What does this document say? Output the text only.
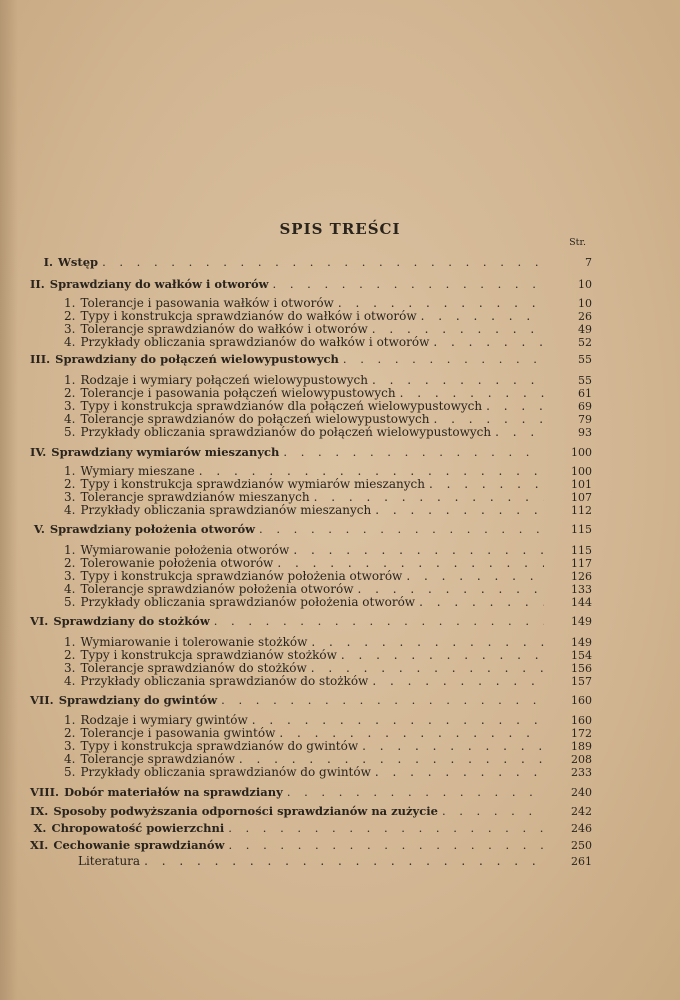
SPIS TREŚCI
Str.
I. Wstęp . . .	7
II. Sprawdziany do wałków i otworów . . .	10
1. Tolerancje i pasowania wałków i otworów . . .	10
2. Typy i konstrukcja sprawdzianów do wałków i otworów . . .	26
3. Tolerancje sprawdzianów do wałków i otworów . . .	49
4. Przykłady obliczania sprawdzianów do wałków i otworów . . .	52
III. Sprawdziany do połączeń wielowypustowych . . .	55
1. Rodzaje i wymiary połączeń wielowypustowych . . .	55
2. Tolerancje i pasowania połączeń wielowypustowych . . .	61
3. Typy i konstrukcja sprawdzianów dla połączeń wielowypustowych . . .	69
4. Tolerancje sprawdzianów do połączeń wielowypustowych . . .	79
5. Przykłady obliczania sprawdzianów do połączeń wielowypustowych . . .	93
IV. Sprawdziany wymiarów mieszanych . . .	100
1. Wymiary mieszane . . .	100
2. Typy i konstrukcja sprawdzianów wymiarów mieszanych . . .	101
3. Tolerancje sprawdzianów mieszanych . . .	107
4. Przykłady obliczania sprawdzianów mieszanych . . .	112
V. Sprawdziany położenia otworów . . .	115
1. Wymiarowanie położenia otworów . . .	115
2. Tolerowanie położenia otworów . . .	117
3. Typy i konstrukcja sprawdzianów położenia otworów . . .	126
4. Tolerancje sprawdzianów położenia otworów . . .	133
5. Przykłady obliczania sprawdzianów położenia otworów . . .	144
VI. Sprawdziany do stożków . . .	149
1. Wymiarowanie i tolerowanie stożków . . .	149
2. Typy i konstrukcja sprawdzianów stożków . . .	154
3. Tolerancje sprawdzianów do stożków . . .	156
4. Przykłady obliczania sprawdzianów do stożków . . .	157
VII. Sprawdziany do gwintów . . .	160
1. Rodzaje i wymiary gwintów . . .	160
2. Tolerancje i pasowania gwintów . . .	172
3. Typy i konstrukcja sprawdzianów do gwintów . . .	189
4. Tolerancje sprawdzianów . . .	208
5. Przykłady obliczania sprawdzianów do gwintów . . .	233
VIII. Dobór materiałów na sprawdziany . . .	240
IX. Sposoby podwyższania odporności sprawdzianów na zużycie . . .	242
X. Chropowatość powierzchni . . .	246
XI. Cechowanie sprawdzianów . . .	250
Literatura . . .	261
